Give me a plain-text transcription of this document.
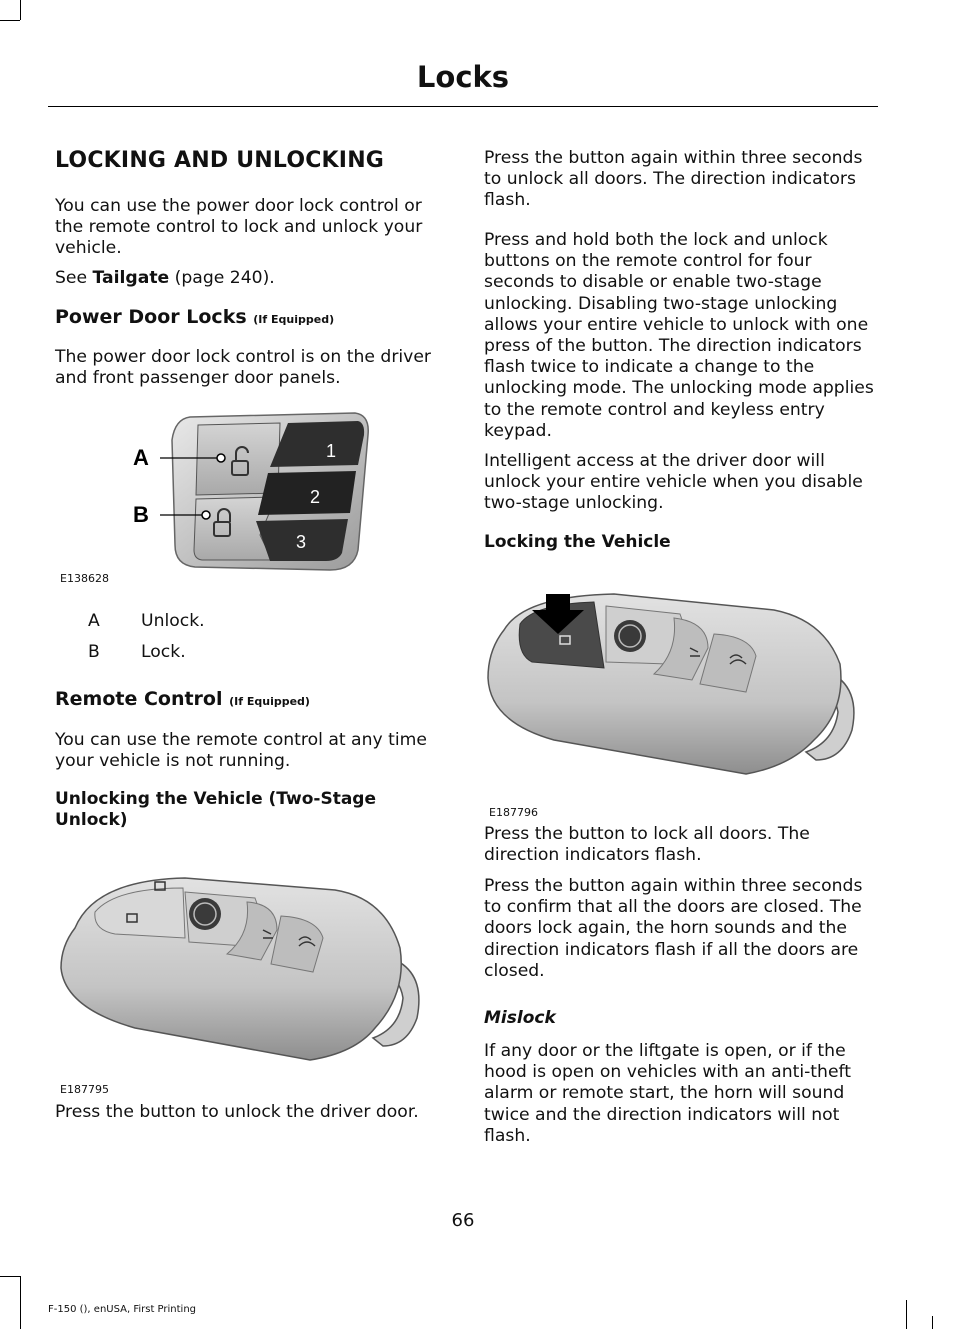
Locks
LOCKING AND UNLOCKING

You can use the power door lock control or the remote control to lock and unlock your vehicle.

See Tailgate (page 240).

Power Door Locks (If Equipped)

The power door lock control is on the driver and front passenger door panels.

1
2
3
A
B
E138628
A Unlock.
B Lock.
Remote Control (If Equipped)

You can use the remote control at any time your vehicle is not running.

Unlocking the Vehicle (Two-Stage Unlock)
E187795

Press the button to unlock the driver door.

Press the button again within three seconds to unlock all doors. The direction indicators flash.

Press and hold both the lock and unlock buttons on the remote control for four seconds to disable or enable two-stage unlocking. Disabling two-stage unlocking allows your entire vehicle to unlock with one press of the button. The direction indicators flash twice to indicate a change to the unlocking mode. The unlocking mode applies to the remote control and keyless entry keypad.

Intelligent access at the driver door will unlock your entire vehicle when you disable two-stage unlocking.

Locking the Vehicle
E187796

Press the button to lock all doors. The direction indicators flash.

Press the button again within three seconds to confirm that all the doors are closed. The doors lock again, the horn sounds and the direction indicators flash if all the doors are closed.

Mislock

If any door or the liftgate is open, or if the hood is open on vehicles with an anti-theft alarm or remote start, the horn will sound twice and the direction indicators will not flash.

66
F-150 (), enUSA, First Printing
